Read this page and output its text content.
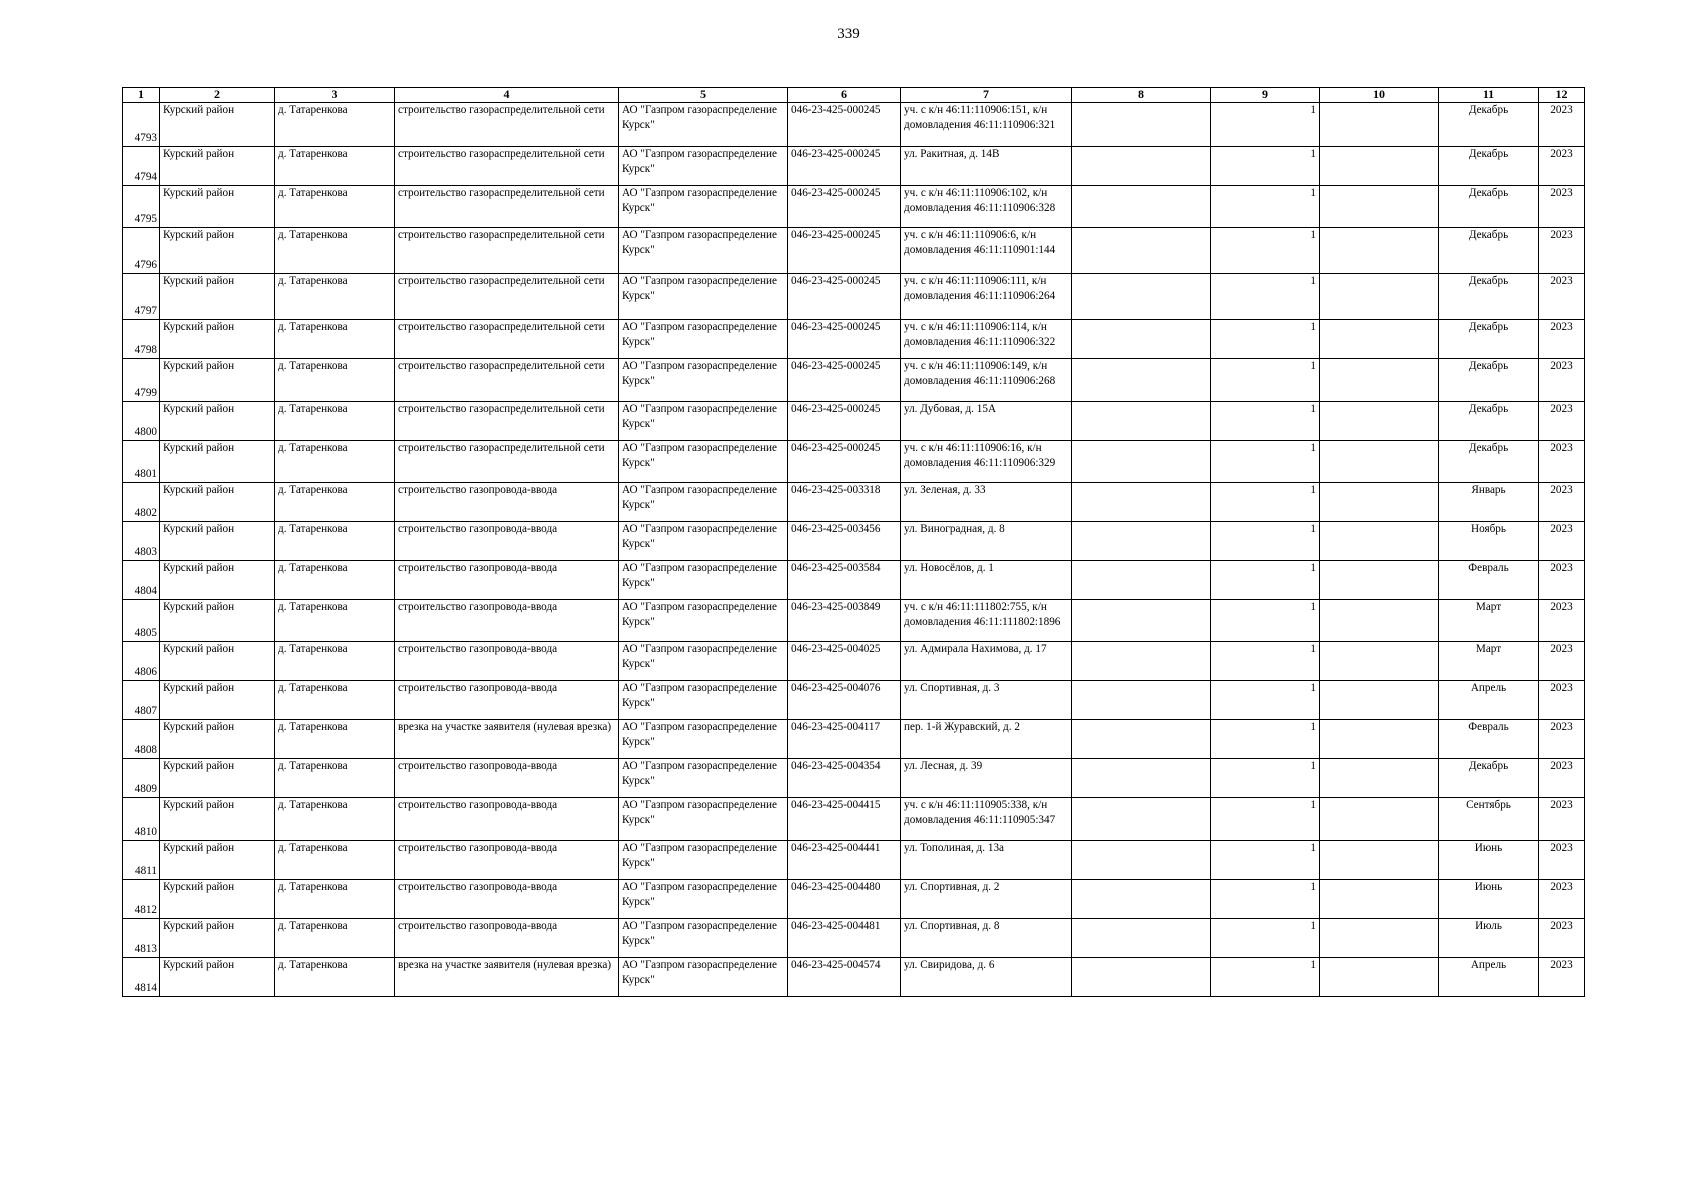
339
1	2	3	4	5	6	7	8	9	10	11	12
4793	Курский район	д. Татаренкова	строительство газораспределительной сети	АО "Газпром газораспределение Курск"	046-23-425-000245	уч. с к/н 46:11:110906:151, к/н домовладения 46:11:110906:321		1		Декабрь	2023
4794	Курский район	д. Татаренкова	строительство газораспределительной сети	АО "Газпром газораспределение Курск"	046-23-425-000245	ул. Ракитная, д. 14В		1		Декабрь	2023
4795	Курский район	д. Татаренкова	строительство газораспределительной сети	АО "Газпром газораспределение Курск"	046-23-425-000245	уч. с к/н 46:11:110906:102, к/н домовладения 46:11:110906:328		1		Декабрь	2023
4796	Курский район	д. Татаренкова	строительство газораспределительной сети	АО "Газпром газораспределение Курск"	046-23-425-000245	уч. с к/н 46:11:110906:6, к/н домовладения 46:11:110901:144		1		Декабрь	2023
4797	Курский район	д. Татаренкова	строительство газораспределительной сети	АО "Газпром газораспределение Курск"	046-23-425-000245	уч. с к/н 46:11:110906:111, к/н домовладения 46:11:110906:264		1		Декабрь	2023
4798	Курский район	д. Татаренкова	строительство газораспределительной сети	АО "Газпром газораспределение Курск"	046-23-425-000245	уч. с к/н 46:11:110906:114, к/н домовладения 46:11:110906:322		1		Декабрь	2023
4799	Курский район	д. Татаренкова	строительство газораспределительной сети	АО "Газпром газораспределение Курск"	046-23-425-000245	уч. с к/н 46:11:110906:149, к/н домовладения 46:11:110906:268		1		Декабрь	2023
4800	Курский район	д. Татаренкова	строительство газораспределительной сети	АО "Газпром газораспределение Курск"	046-23-425-000245	ул. Дубовая, д. 15А		1		Декабрь	2023
4801	Курский район	д. Татаренкова	строительство газораспределительной сети	АО "Газпром газораспределение Курск"	046-23-425-000245	уч. с к/н 46:11:110906:16, к/н домовладения 46:11:110906:329		1		Декабрь	2023
4802	Курский район	д. Татаренкова	строительство газопровода-ввода	АО "Газпром газораспределение Курск"	046-23-425-003318	ул. Зеленая, д. 33		1		Январь	2023
4803	Курский район	д. Татаренкова	строительство газопровода-ввода	АО "Газпром газораспределение Курск"	046-23-425-003456	ул. Виноградная, д. 8		1		Ноябрь	2023
4804	Курский район	д. Татаренкова	строительство газопровода-ввода	АО "Газпром газораспределение Курск"	046-23-425-003584	ул. Новосёлов, д. 1		1		Февраль	2023
4805	Курский район	д. Татаренкова	строительство газопровода-ввода	АО "Газпром газораспределение Курск"	046-23-425-003849	уч. с к/н 46:11:111802:755, к/н домовладения 46:11:111802:1896		1		Март	2023
4806	Курский район	д. Татаренкова	строительство газопровода-ввода	АО "Газпром газораспределение Курск"	046-23-425-004025	ул. Адмирала Нахимова, д. 17		1		Март	2023
4807	Курский район	д. Татаренкова	строительство газопровода-ввода	АО "Газпром газораспределение Курск"	046-23-425-004076	ул. Спортивная, д. 3		1		Апрель	2023
4808	Курский район	д. Татаренкова	врезка на участке заявителя (нулевая врезка)	АО "Газпром газораспределение Курск"	046-23-425-004117	пер. 1-й Журавский, д. 2		1		Февраль	2023
4809	Курский район	д. Татаренкова	строительство газопровода-ввода	АО "Газпром газораспределение Курск"	046-23-425-004354	ул. Лесная, д. 39		1		Декабрь	2023
4810	Курский район	д. Татаренкова	строительство газопровода-ввода	АО "Газпром газораспределение Курск"	046-23-425-004415	уч. с к/н 46:11:110905:338, к/н домовладения 46:11:110905:347		1		Сентябрь	2023
4811	Курский район	д. Татаренкова	строительство газопровода-ввода	АО "Газпром газораспределение Курск"	046-23-425-004441	ул. Тополиная, д. 13а		1		Июнь	2023
4812	Курский район	д. Татаренкова	строительство газопровода-ввода	АО "Газпром газораспределение Курск"	046-23-425-004480	ул. Спортивная, д. 2		1		Июнь	2023
4813	Курский район	д. Татаренкова	строительство газопровода-ввода	АО "Газпром газораспределение Курск"	046-23-425-004481	ул. Спортивная, д. 8		1		Июль	2023
4814	Курский район	д. Татаренкова	врезка на участке заявителя (нулевая врезка)	АО "Газпром газораспределение Курск"	046-23-425-004574	ул. Свиридова, д. 6		1		Апрель	2023
